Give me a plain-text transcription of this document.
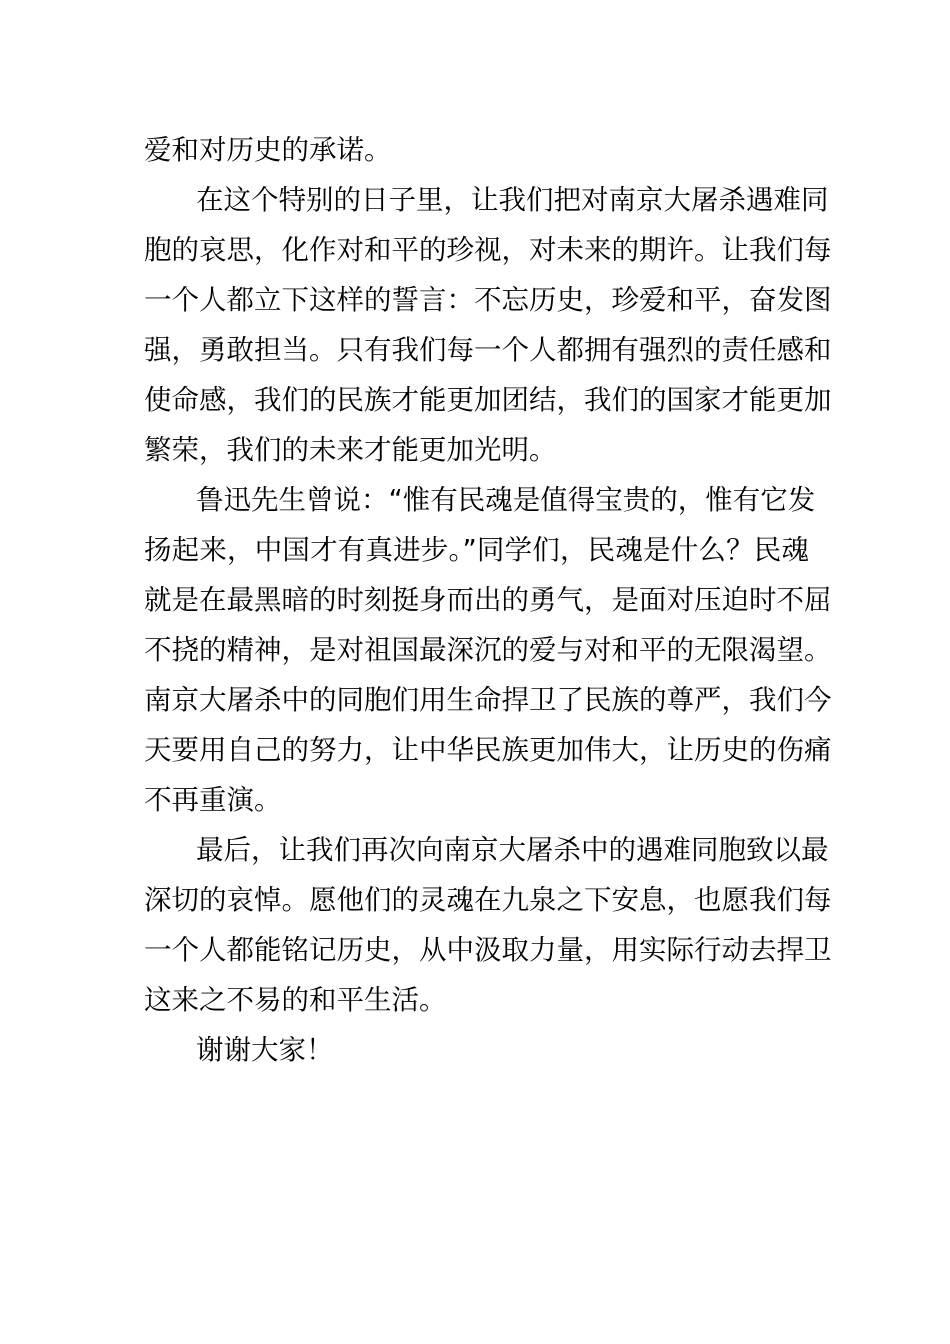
爱和对历史的承诺。
在这个特别的日子里，让我们把对南京大屠杀遇难同
胞的哀思，化作对和平的珍视，对未来的期许。让我们每
一个人都立下这样的誓言：不忘历史，珍爱和平，奋发图
强，勇敢担当。只有我们每一个人都拥有强烈的责任感和
使命感，我们的民族才能更加团结，我们的国家才能更加
繁荣，我们的未来才能更加光明。
鲁迅先生曾说：“惟有民魂是值得宝贵的，惟有它发
扬起来，中国才有真进步。”同学们，民魂是什么？民魂
就是在最黑暗的时刻挺身而出的勇气，是面对压迫时不屈
不挠的精神，是对祖国最深沉的爱与对和平的无限渴望。
南京大屠杀中的同胞们用生命捍卫了民族的尊严，我们今
天要用自己的努力，让中华民族更加伟大，让历史的伤痛
不再重演。
最后，让我们再次向南京大屠杀中的遇难同胞致以最
深切的哀悼。愿他们的灵魂在九泉之下安息，也愿我们每
一个人都能铭记历史，从中汲取力量，用实际行动去捍卫
这来之不易的和平生活。
谢谢大家！
